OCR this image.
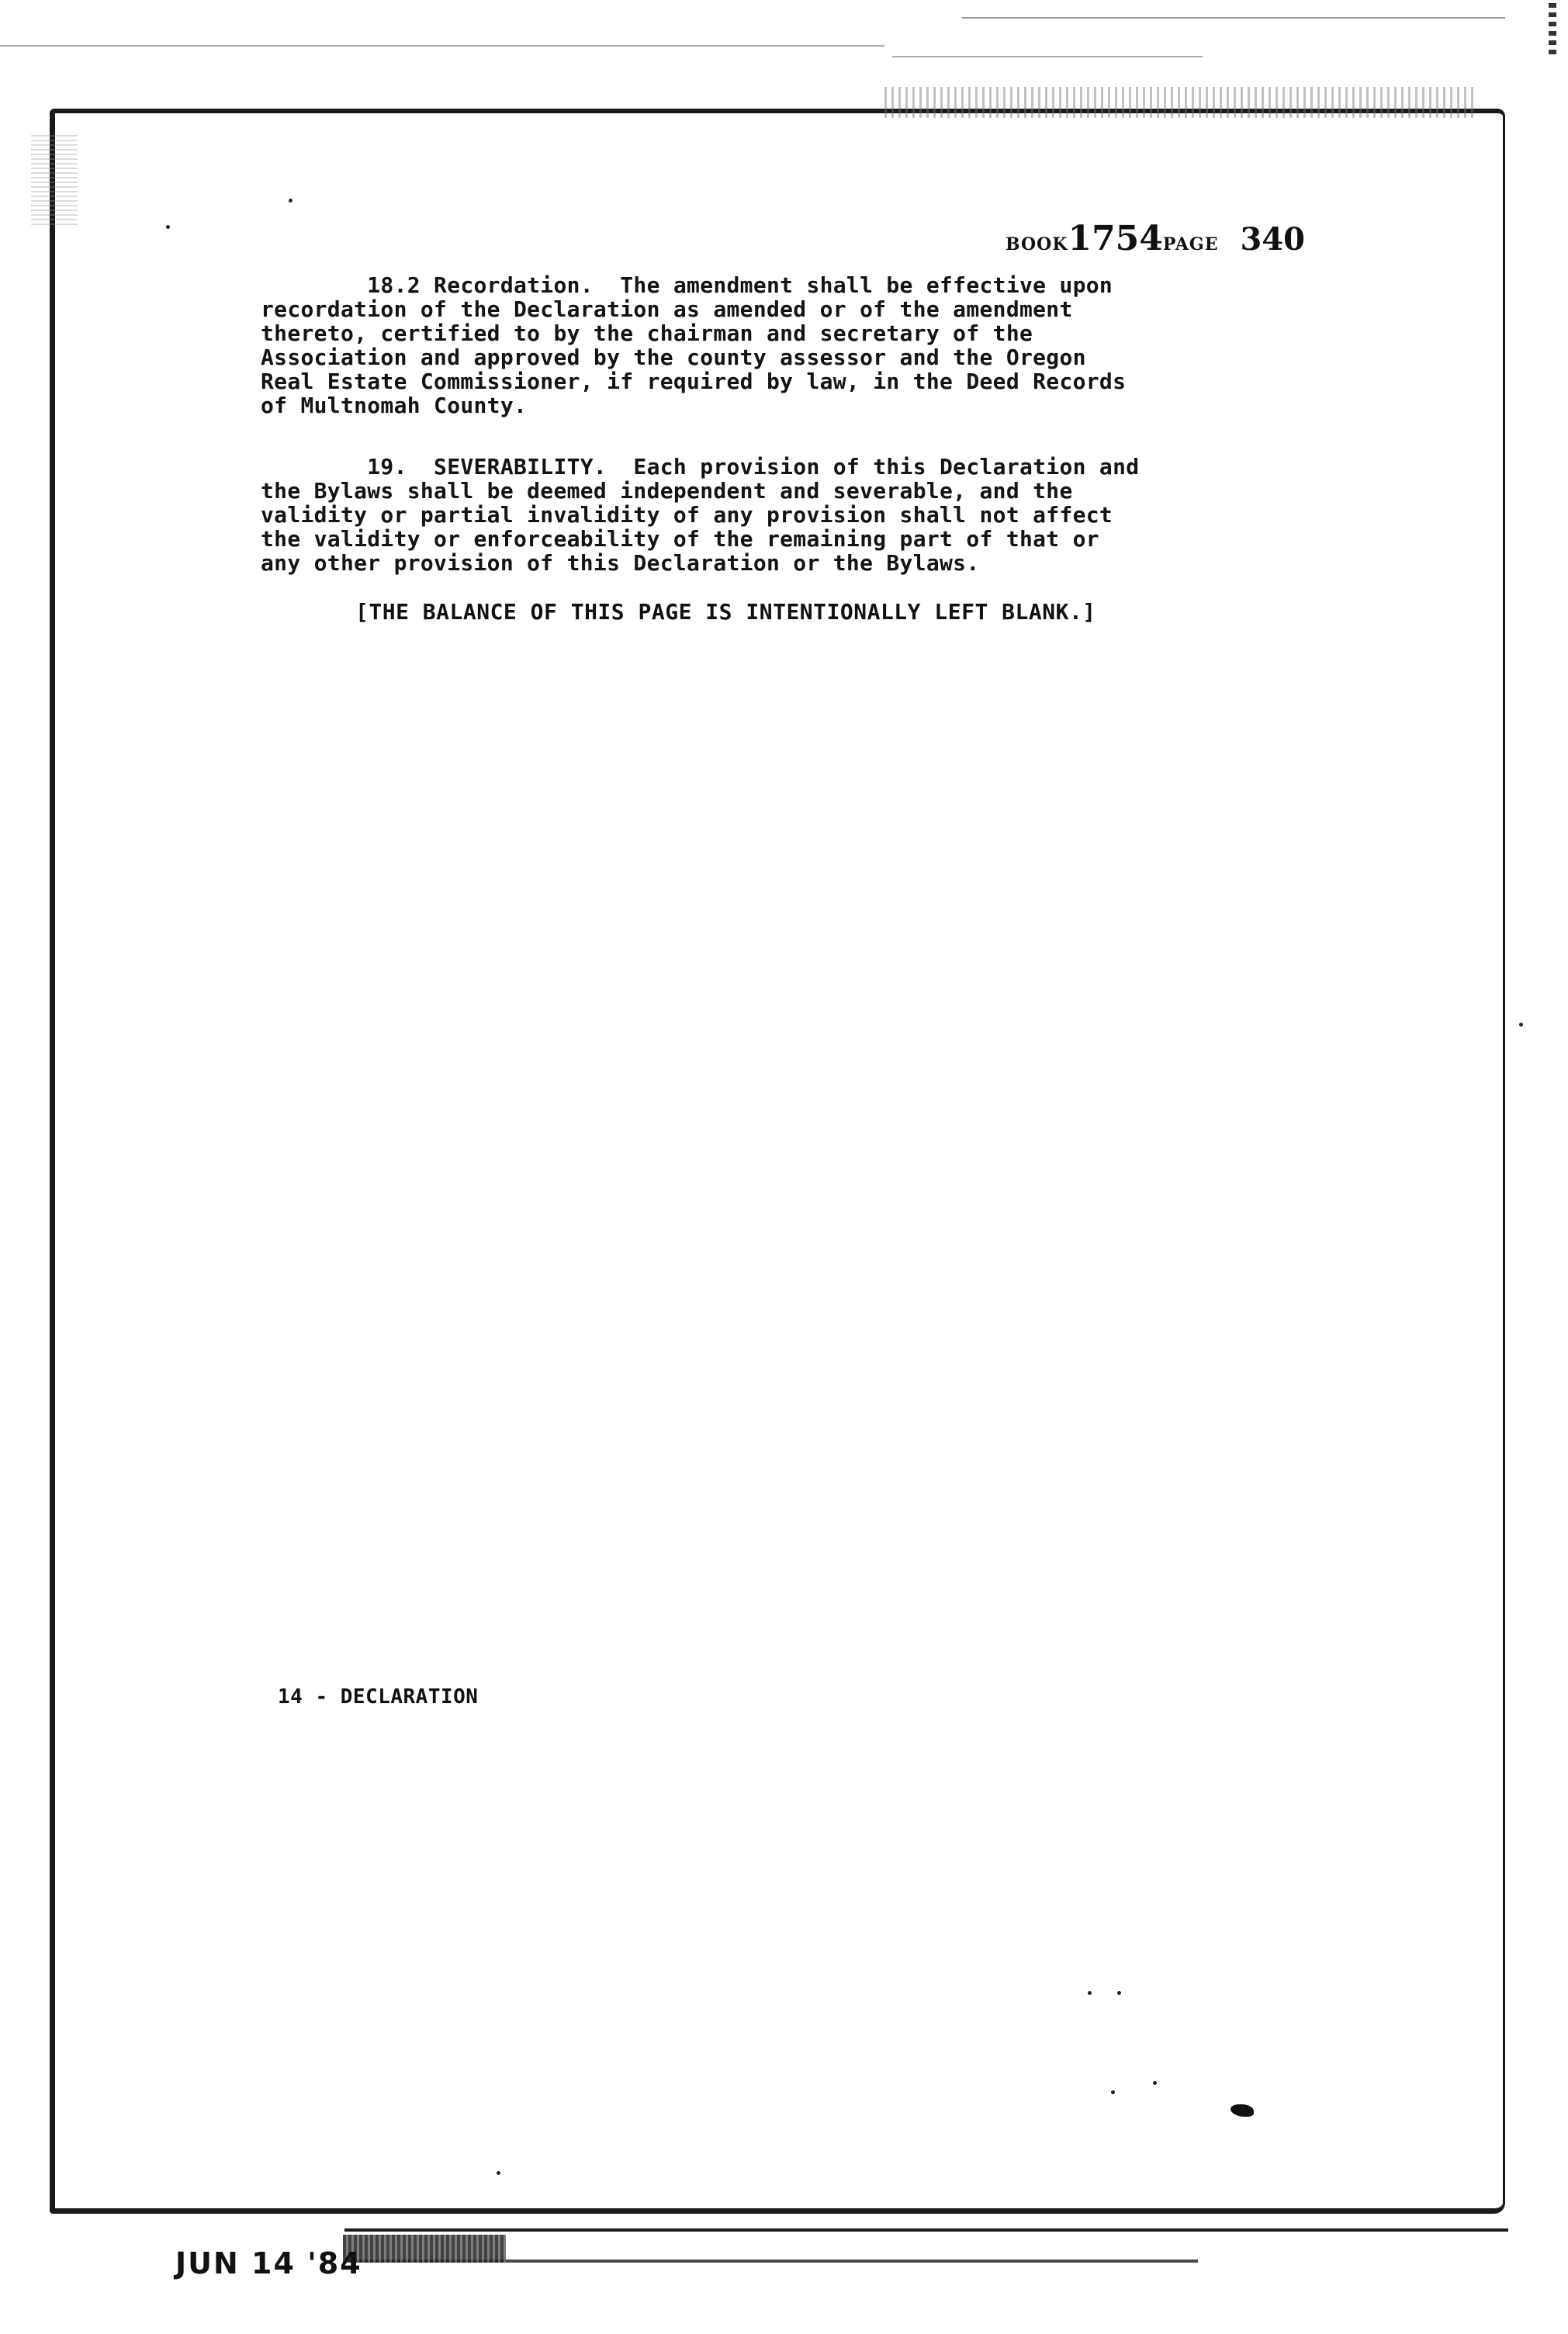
BOOK1754PAGE 340
18.2 Recordation.  The amendment shall be effective upon
recordation of the Declaration as amended or of the amendment
thereto, certified to by the chairman and secretary of the
Association and approved by the county assessor and the Oregon
Real Estate Commissioner, if required by law, in the Deed Records
of Multnomah County.
19.  SEVERABILITY.  Each provision of this Declaration and
the Bylaws shall be deemed independent and severable, and the
validity or partial invalidity of any provision shall not affect
the validity or enforceability of the remaining part of that or
any other provision of this Declaration or the Bylaws.
[THE BALANCE OF THIS PAGE IS INTENTIONALLY LEFT BLANK.]
14 - DECLARATION
JUN 14 '84
